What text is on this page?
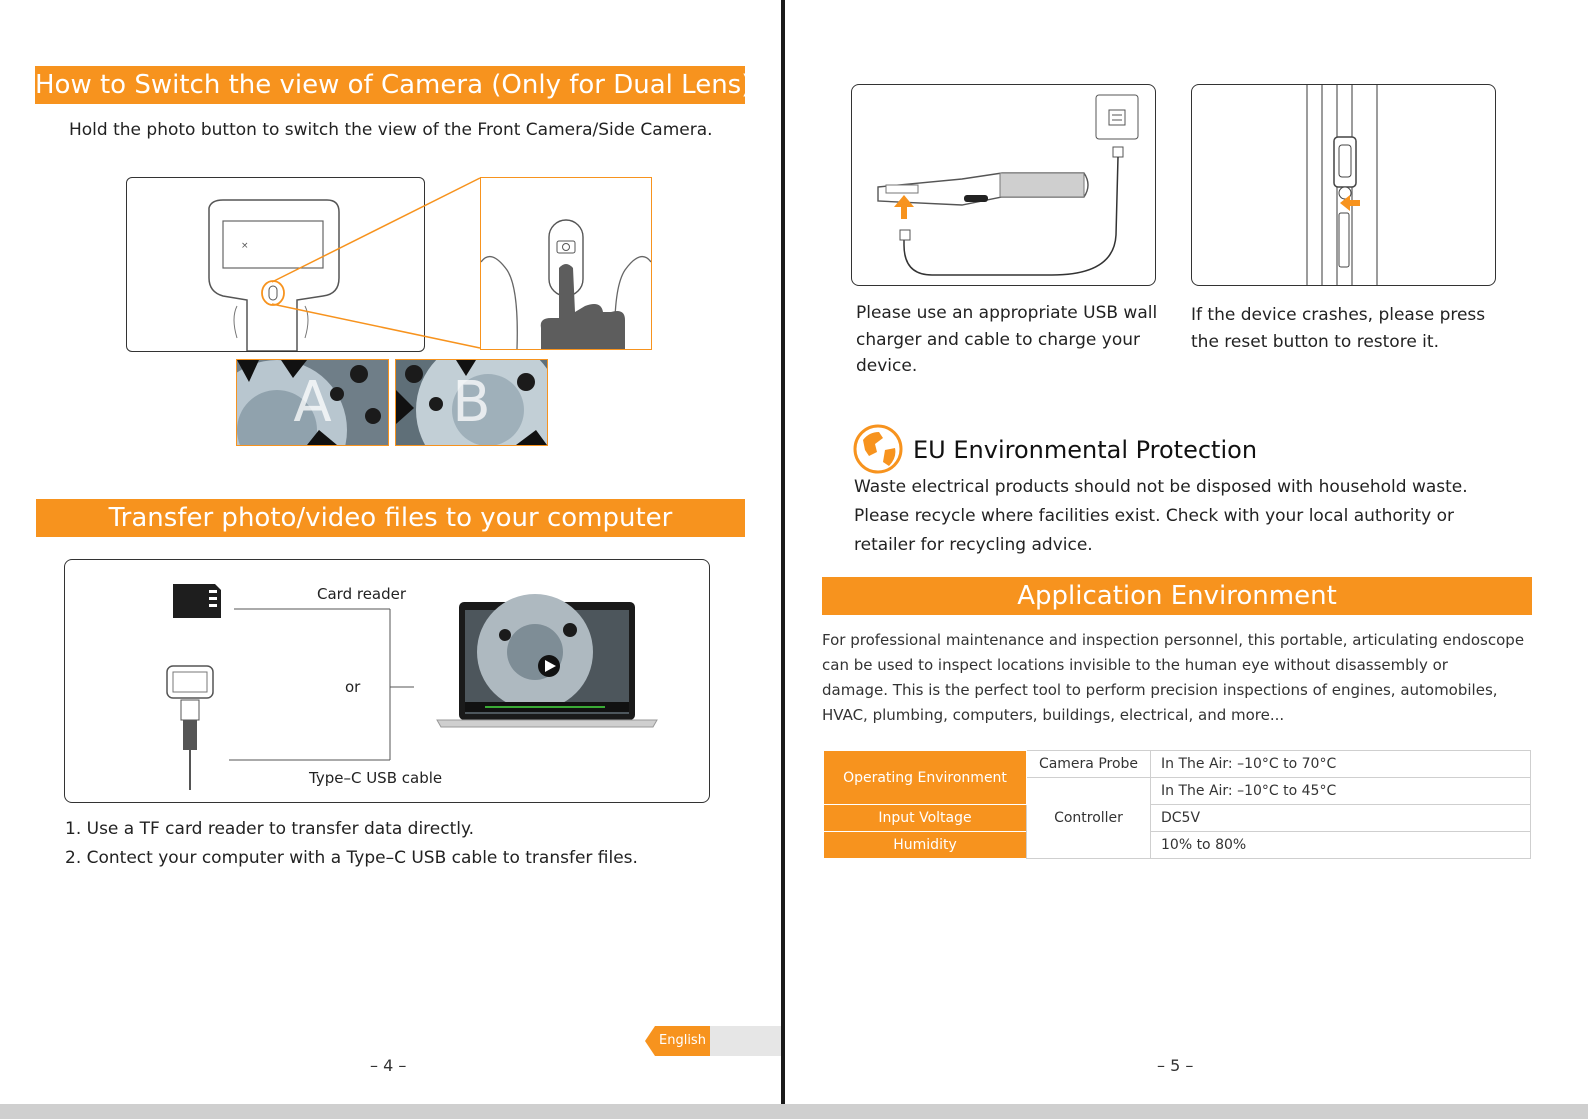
How to Switch the view of Camera (Only for Dual Lens)
Hold the photo button to switch the view of the Front Camera/Side Camera.
×
A	B
Transfer photo/video files to your computer
Card reader
or
Type–C USB cable
1. Use a TF card reader to transfer data directly.
2. Contect your computer with a Type–C USB cable to transfer files.
English
– 4 –
Please use an appropriate USB wall
charger and cable to charge your
device.
If the device crashes, please press
the reset button to restore it.
EU Environmental Protection
Waste electrical products should not be disposed with household waste.
Please recycle where facilities exist. Check with your local authority or
retailer for recycling advice.
Application Environment
For professional maintenance and inspection personnel, this portable, articulating endoscope
can be used to inspect locations invisible to the human eye without disassembly or
damage. This is the perfect tool to perform precision inspections of engines, automobiles,
HVAC, plumbing, computers, buildings, electrical, and more...
Operating Environment	Camera Probe	In The Air: –10°C to 70°C
	Controller	In The Air: –10°C to 45°C
Input Voltage		DC5V
Humidity		10% to 80%
– 5 –
